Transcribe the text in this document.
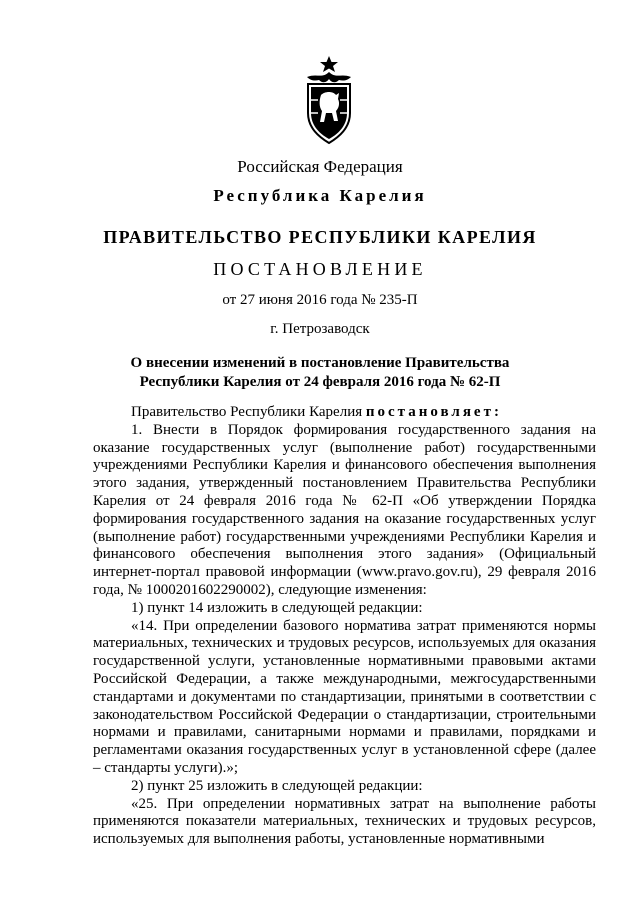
Российская Федерация
Республика Карелия
ПРАВИТЕЛЬСТВО РЕСПУБЛИКИ КАРЕЛИЯ
ПОСТАНОВЛЕНИЕ
от 27 июня 2016 года № 235-П
г. Петрозаводск
О внесении изменений в постановление Правительства
Республики Карелия от 24 февраля 2016 года № 62-П

Правительство Республики Карелия постановляет:

1. Внести в Порядок формирования государственного задания на оказание государственных услуг (выполнение работ) государственными учреждениями Республики Карелия и финансового обеспечения выполнения этого задания, утвержденный постановлением Правительства Республики Карелия от 24 февраля 2016 года № 62-П «Об утверждении Порядка формирования государственного задания на оказание государственных услуг (выполнение работ) государственными учреждениями Республики Карелия и финансового обеспечения выполнения этого задания» (Официальный интернет-портал правовой информации (www.pravo.gov.ru), 29 февраля 2016 года, № 1000201602290002), следующие изменения:

1) пункт 14 изложить в следующей редакции:

«14. При определении базового норматива затрат применяются нормы материальных, технических и трудовых ресурсов, используемых для оказания государственной услуги, установленные нормативными правовыми актами Российской Федерации, а также международными, межгосударственными стандартами и документами по стандартизации, принятыми в соответствии с законодательством Российской Федерации о стандартизации, строительными нормами и правилами, санитарными нормами и правилами, порядками и регламентами оказания государственных услуг в установленной сфере (далее – стандарты услуги).»;

2) пункт 25 изложить в следующей редакции:

«25. При определении нормативных затрат на выполнение работы применяются показатели материальных, технических и трудовых ресурсов, используемых для выполнения работы, установленные нормативными
